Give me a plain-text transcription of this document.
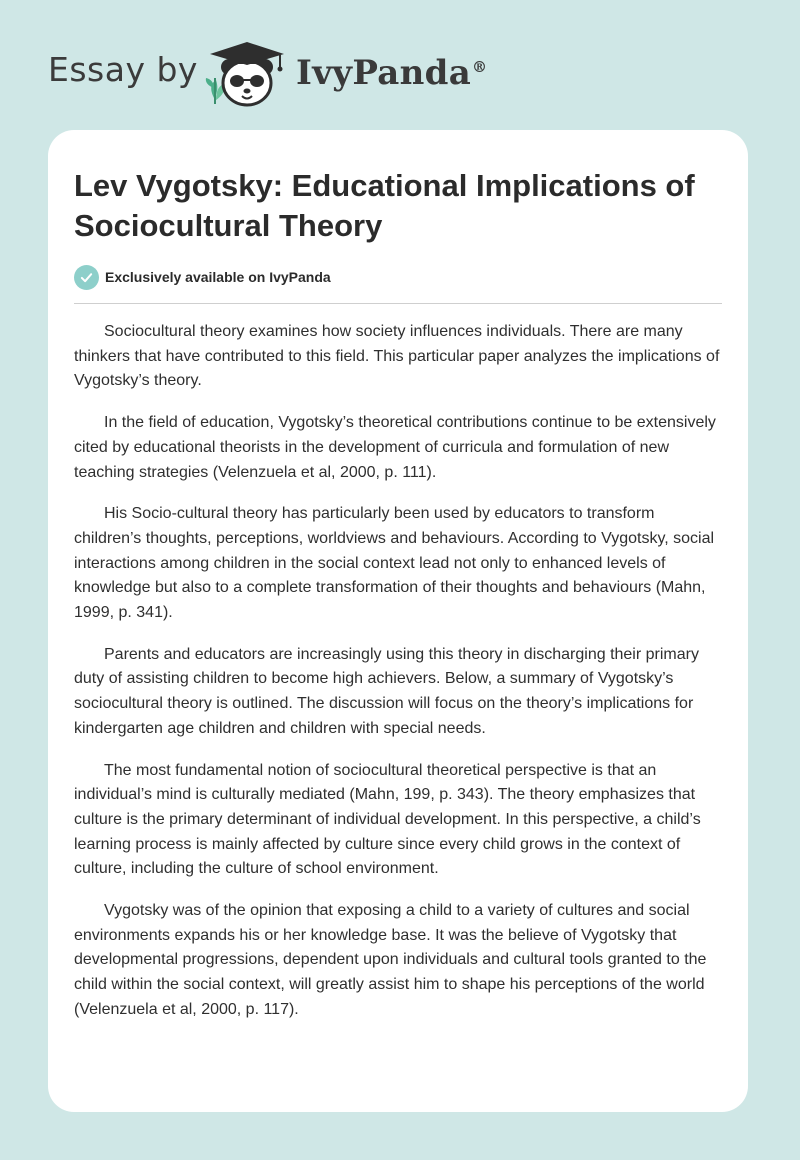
Essay by	IvyPanda®
Lev Vygotsky: Educational Implications of Sociocultural Theory
Exclusively available on IvyPanda

Sociocultural theory examines how society influences individuals. There are many thinkers that have contributed to this field. This particular paper analyzes the implications of Vygotsky’s theory.

In the field of education, Vygotsky’s theoretical contributions continue to be extensively cited by educational theorists in the development of curricula and formulation of new teaching strategies (Velenzuela et al, 2000, p. 111).

His Socio-cultural theory has particularly been used by educators to transform children’s thoughts, perceptions, worldviews and behaviours. According to Vygotsky, social interactions among children in the social context lead not only to enhanced levels of knowledge but also to a complete transformation of their thoughts and behaviours (Mahn, 1999, p. 341).

Parents and educators are increasingly using this theory in discharging their primary duty of assisting children to become high achievers. Below, a summary of Vygotsky’s sociocultural theory is outlined. The discussion will focus on the theory’s implications for kindergarten age children and children with special needs.

The most fundamental notion of sociocultural theoretical perspective is that an individual’s mind is culturally mediated (Mahn, 199, p. 343). The theory emphasizes that culture is the primary determinant of individual development. In this perspective, a child’s learning process is mainly affected by culture since every child grows in the context of culture, including the culture of school environment.

Vygotsky was of the opinion that exposing a child to a variety of cultures and social environments expands his or her knowledge base. It was the believe of Vygotsky that developmental progressions, dependent upon individuals and cultural tools granted to the child within the social context, will greatly assist him to shape his perceptions of the world (Velenzuela et al, 2000, p. 117).
